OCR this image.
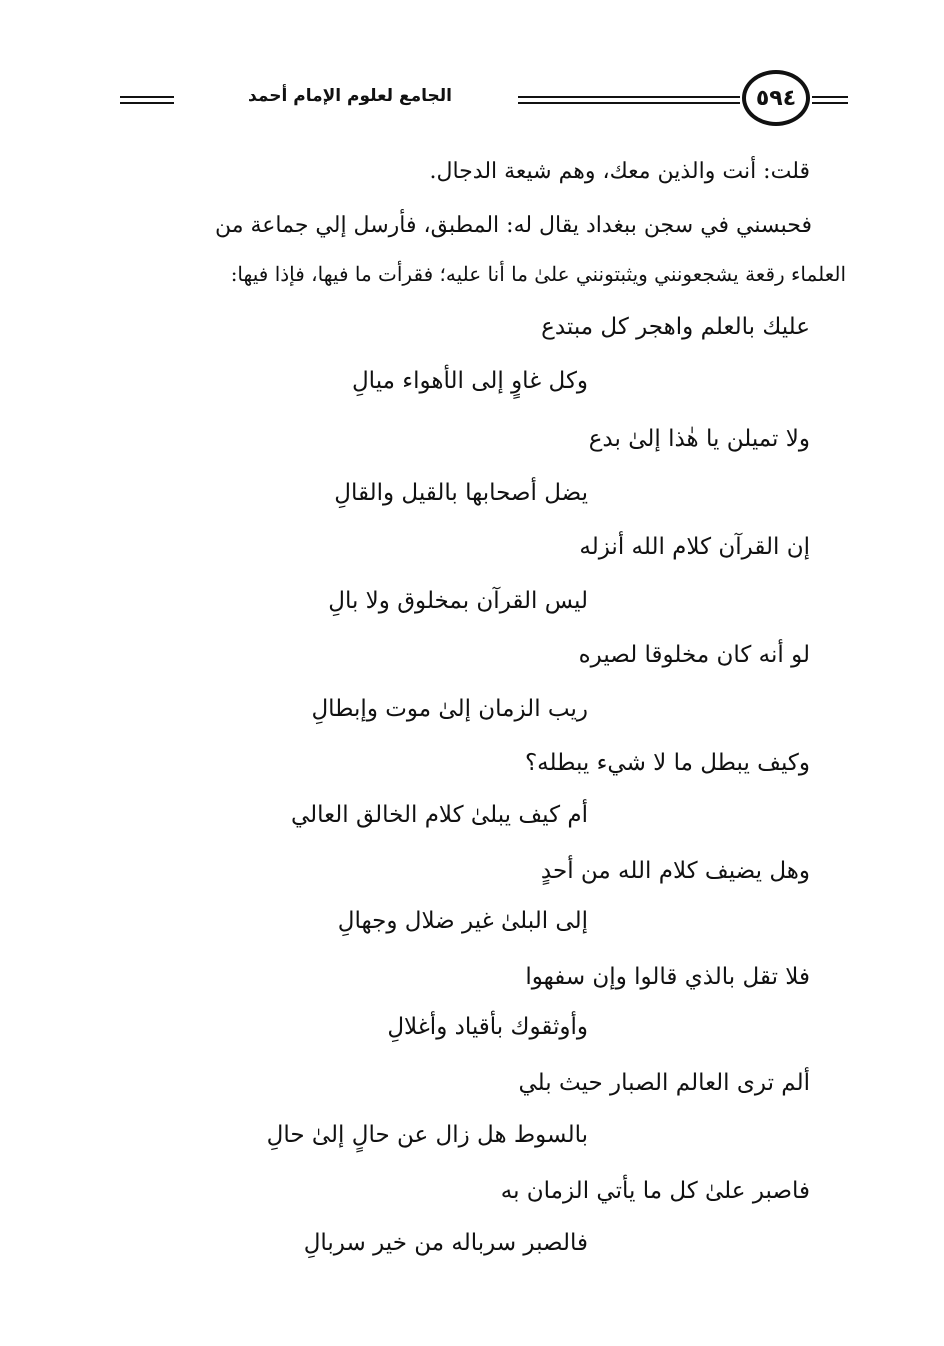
الجامع لعلوم الإمام أحمد	٥٩٤
قلت: أنت والذين معك، وهم شيعة الدجال.
فحبسني في سجن ببغداد يقال له: المطبق، فأرسل إلي جماعة من
العلماء رقعة يشجعونني ويثبتونني علىٰ ما أنا عليه؛ فقرأت ما فيها، فإذا فيها:
عليك بالعلم واهجر كل مبتدع
وكل غاوٍ إلى الأهواء ميالِ
ولا تميلن يا هٰذا إلىٰ بدع
يضل أصحابها بالقيل والقالِ
إن القرآن كلام الله أنزله
ليس القرآن بمخلوق ولا بالِ
لو أنه كان مخلوقا لصيره
ريب الزمان إلىٰ موت وإبطالِ
وكيف يبطل ما لا شيء يبطله؟
أم كيف يبلىٰ كلام الخالق العالي
وهل يضيف كلام الله من أحدٍ
إلى البلىٰ غير ضلال وجهالِ
فلا تقل بالذي قالوا وإن سفهوا
وأوثقوك بأقياد وأغلالِ
ألم ترى العالم الصبار حيث بلي
بالسوط هل زال عن حالٍ إلىٰ حالِ
فاصبر علىٰ كل ما يأتي الزمان به
فالصبر سرباله من خير سربالِ
